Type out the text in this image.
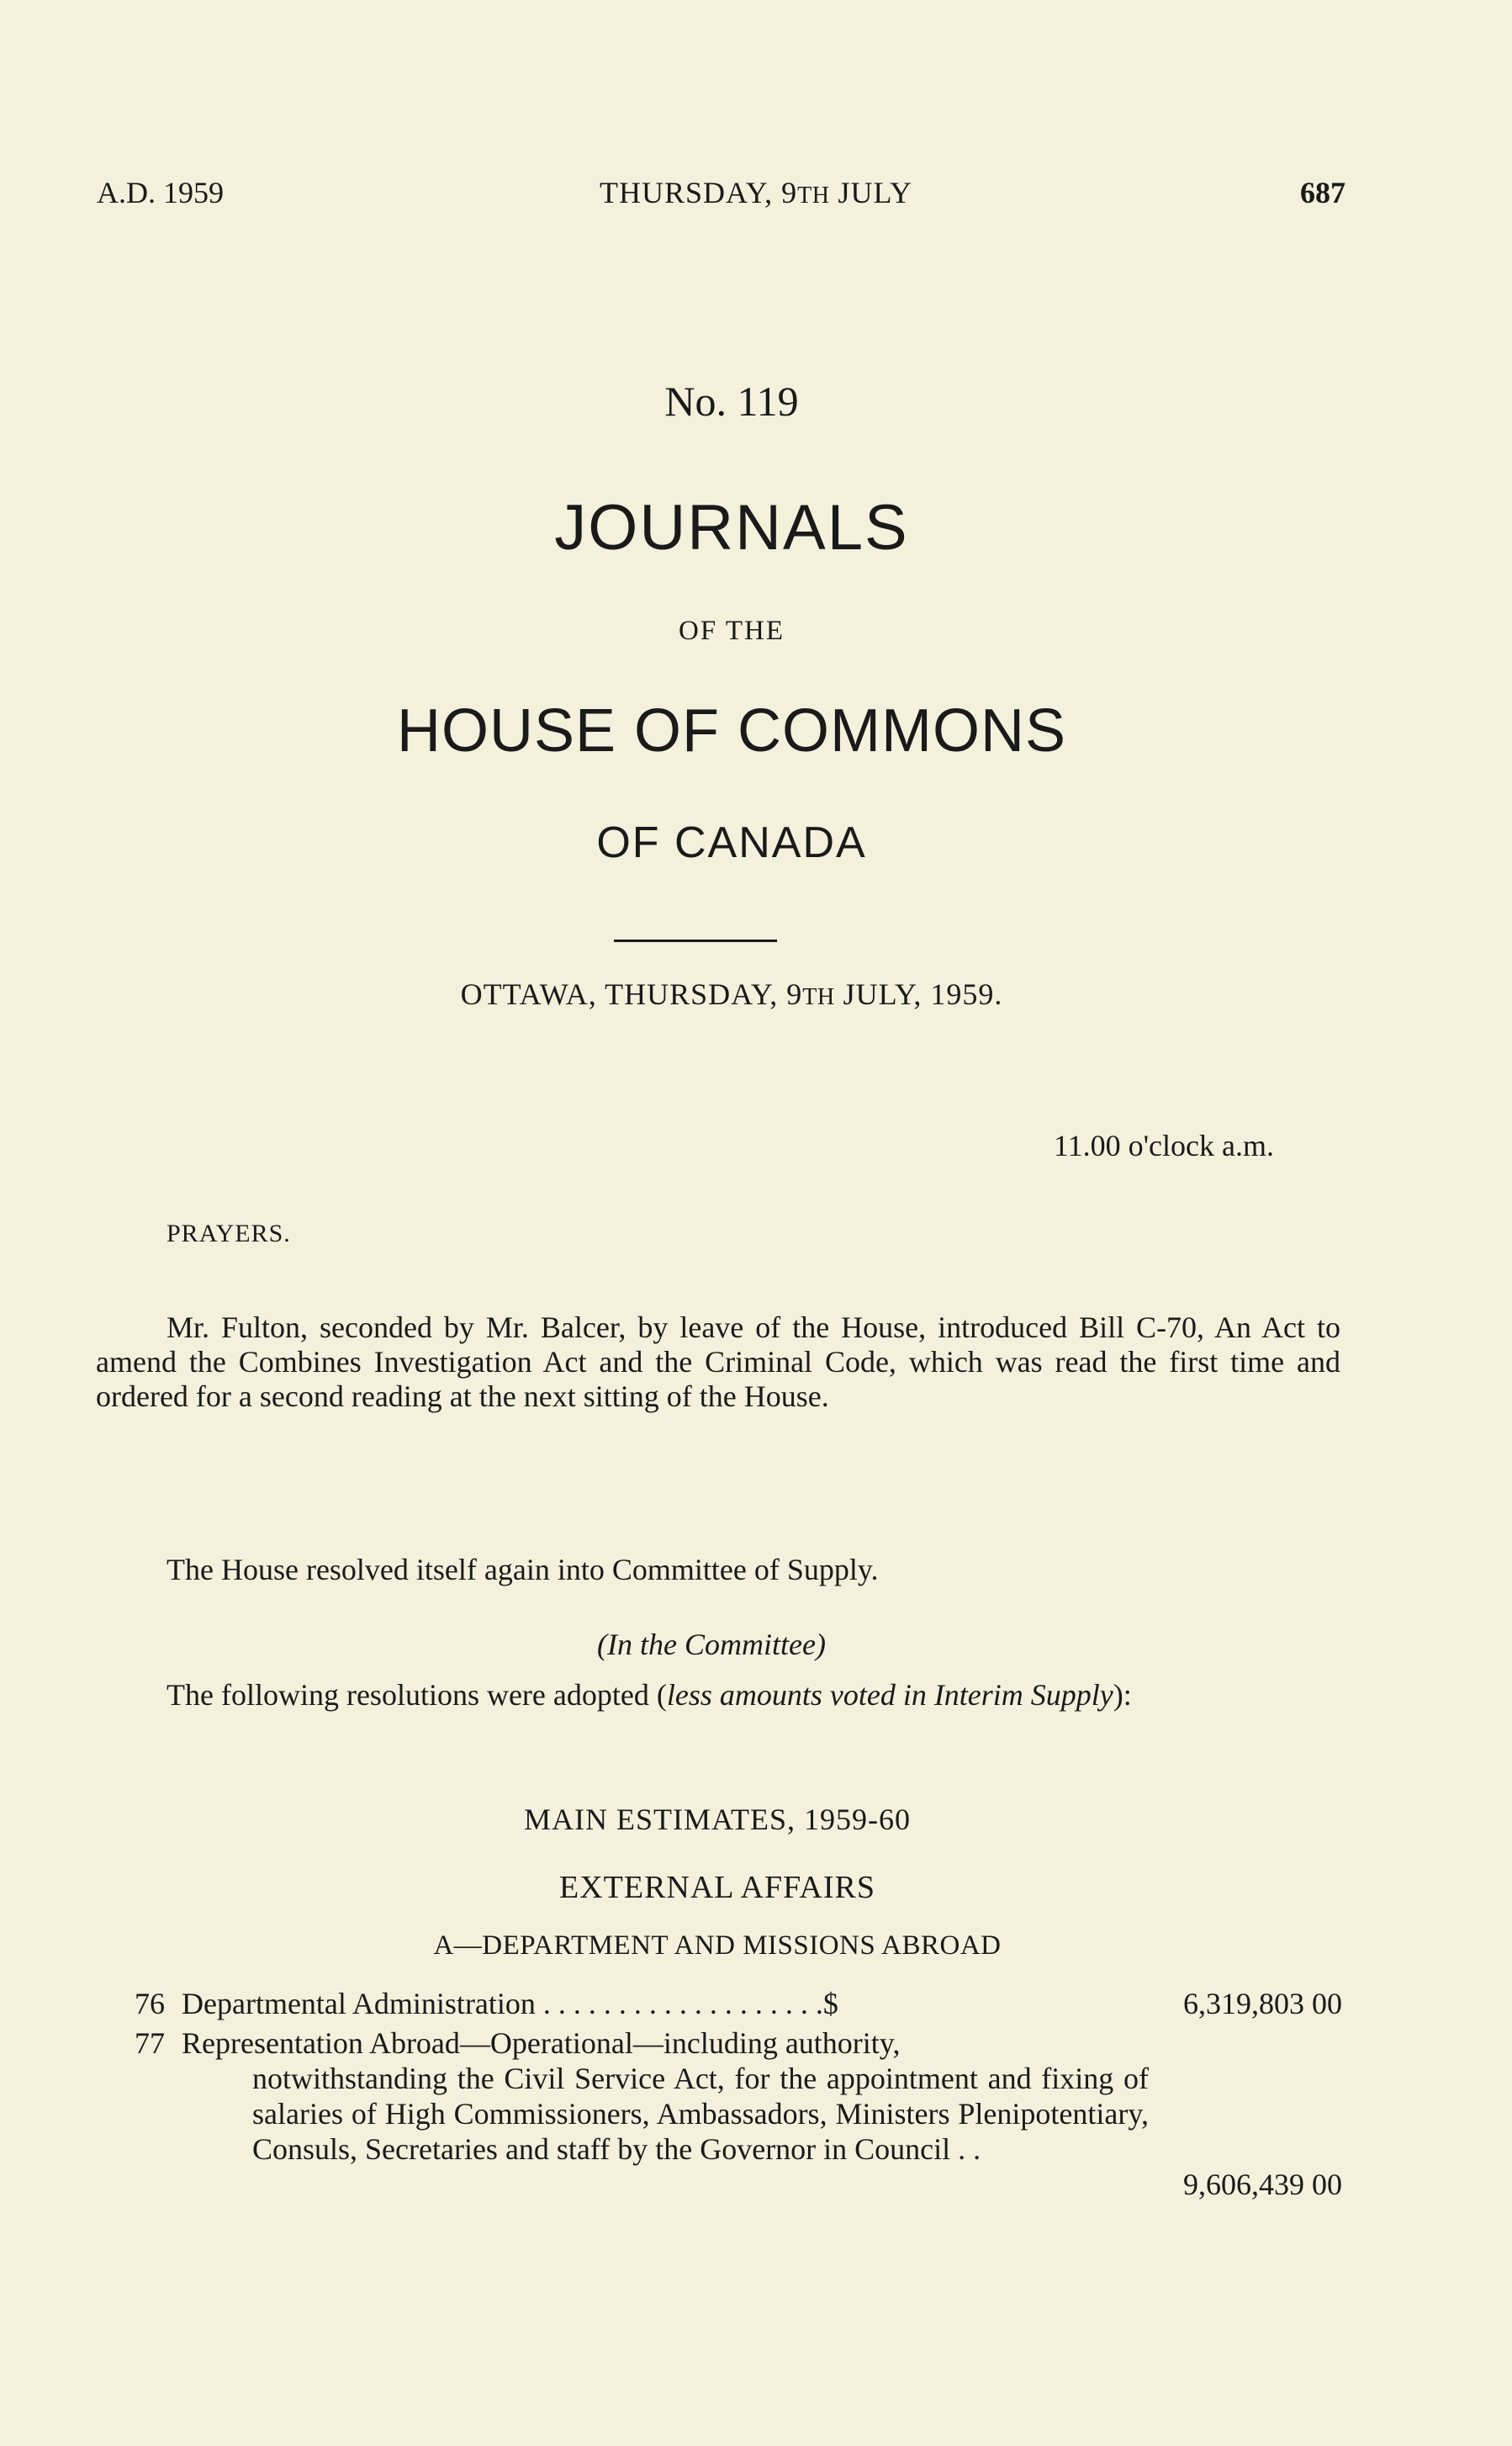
A.D. 1959	THURSDAY, 9TH JULY	687
No. 119
JOURNALS
OF THE
HOUSE OF COMMONS
OF CANADA
OTTAWA, THURSDAY, 9TH JULY, 1959.
11.00 o'clock a.m.
PRAYERS.
Mr. Fulton, seconded by Mr. Balcer, by leave of the House, introduced Bill C-70, An Act to amend the Combines Investigation Act and the Criminal Code, which was read the first time and ordered for a second reading at the next sitting of the House.
The House resolved itself again into Committee of Supply.
(In the Committee)
The following resolutions were adopted (less amounts voted in Interim Supply):
MAIN ESTIMATES, 1959-60
EXTERNAL AFFAIRS
A—DEPARTMENT AND MISSIONS ABROAD
76 Departmental Administration . . . . . . . . . . . . . . . . . . .$	6,319,803 00
77 Representation Abroad—Operational—including authority,
notwithstanding the Civil Service Act, for the appointment and fixing of salaries of High Commissioners, Ambassadors, Ministers Plenipotentiary, Consuls, Secretaries and staff by the Governor in Council . .
9,606,439 00
